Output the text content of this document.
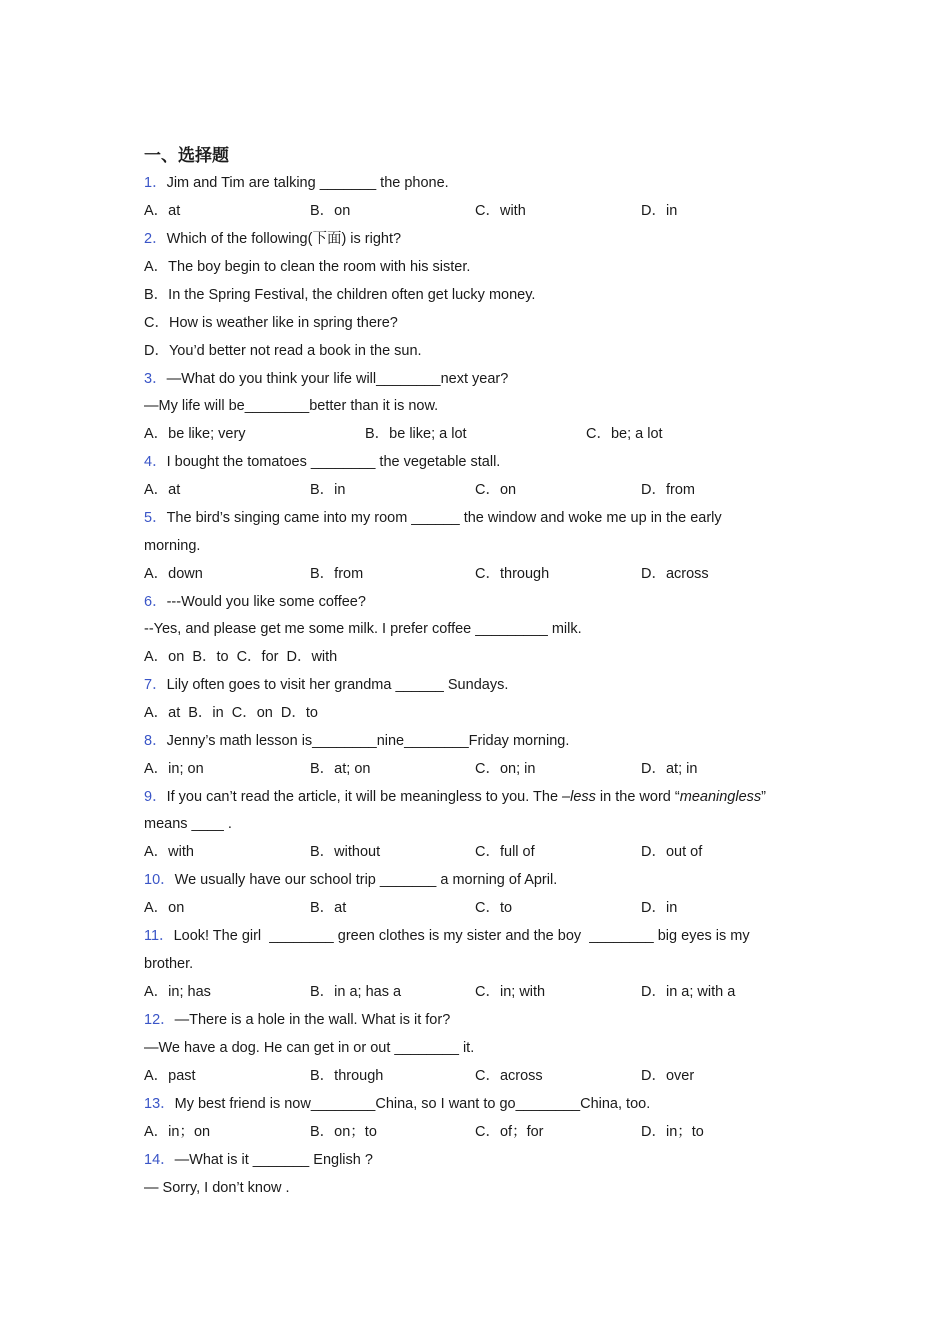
一、选择题
1．Jim and Tim are talking _______ the phone.

A．at

	B．on

	C．with

	D．in

2．Which of the following(下面) is right?
A．The boy begin to clean the room with his sister.
B．In the Spring Festival, the children often get lucky money.
C．How is weather like in spring there?
D．You’d better not read a book in the sun.
3．—What do you think your life will________next year?
—My life will be________better than it is now.

A．be like; very

	B．be like; a lot

	C．be; a lot

4．I bought the tomatoes ________ the vegetable stall.

A．at

	B．in

	C．on

	D．from

5．The bird’s singing came into my room ______ the window and woke me up in the early
morning.

A．down

	B．from

	C．through

	D．across

6．---Would you like some coffee?
--Yes, and please get me some milk. I prefer coffee _________ milk.
A．on B．to C．for D．with
7．Lily often goes to visit her grandma ______ Sundays.
A．at B．in C．on D．to
8．Jenny’s math lesson is________nine________Friday morning.

A．in; on

	B．at; on

	C．on; in

	D．at; in

9．If you can’t read the article, it will be meaningless to you. The –less in the word “meaningless”
means ____ .

A．with

	B．without

	C．full of

	D．out of

10．We usually have our school trip _______ a morning of April.

A．on

	B．at

	C．to

	D．in

11．Look! The girl  ________ green clothes is my sister and the boy  ________ big eyes is my
brother.

A．in; has

	B．in a; has a

	C．in; with

	D．in a; with a

12．—There is a hole in the wall. What is it for?
—We have a dog. He can get in or out ________ it.

A．past

	B．through

	C．across

	D．over

13．My best friend is now________China, so I want to go________China, too.

A．in；on

	B．on；to

	C．of；for

	D．in；to

14．—What is it _______ English ?
— Sorry, I don’t know .
